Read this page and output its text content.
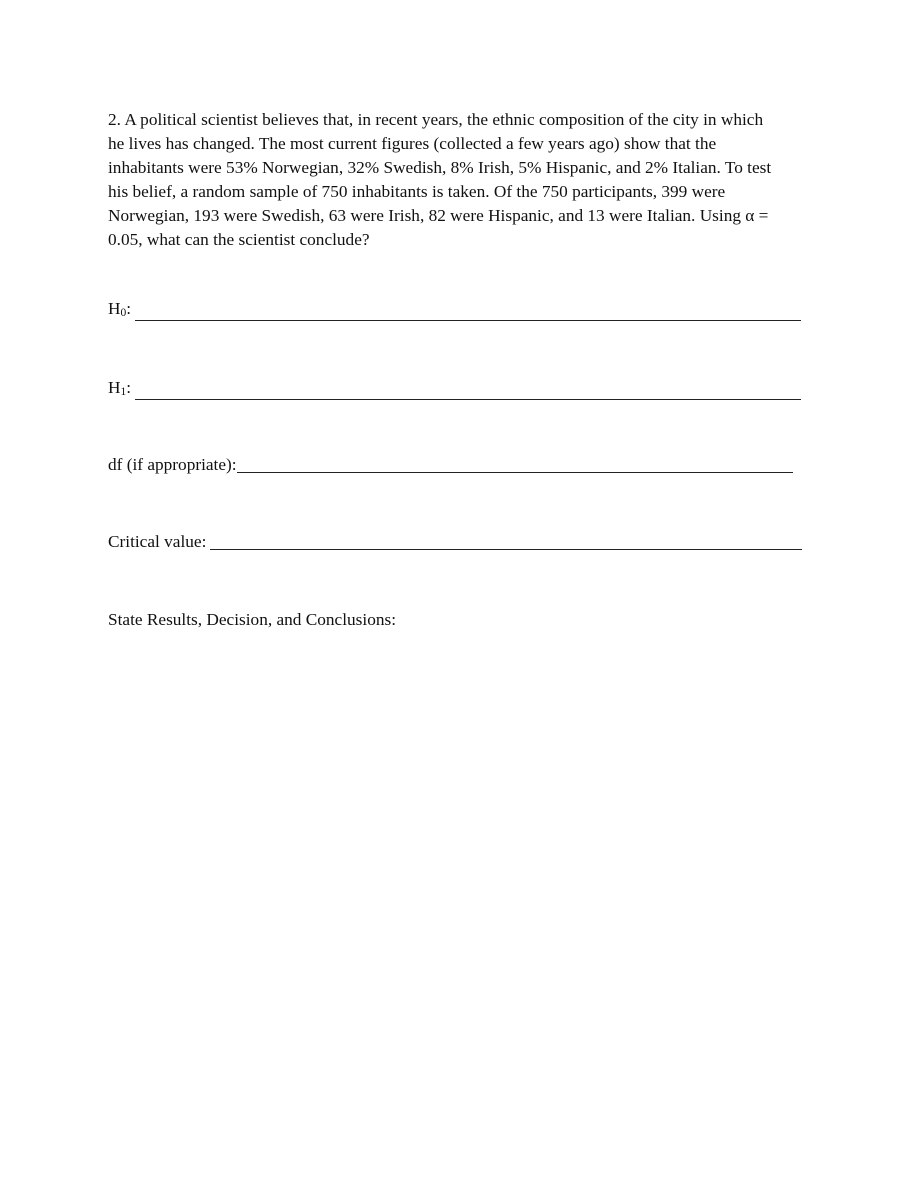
2. A political scientist believes that, in recent years, the ethnic composition of the city in which
he lives has changed. The most current figures (collected a few years ago) show that the
inhabitants were 53% Norwegian, 32% Swedish, 8% Irish, 5% Hispanic, and 2% Italian. To test
his belief, a random sample of 750 inhabitants is taken. Of the 750 participants, 399 were
Norwegian, 193 were Swedish, 63 were Irish, 82 were Hispanic, and 13 were Italian. Using α =
0.05, what can the scientist conclude?
H0:
H1:
df (if appropriate):
Critical value:
State Results, Decision, and Conclusions:
